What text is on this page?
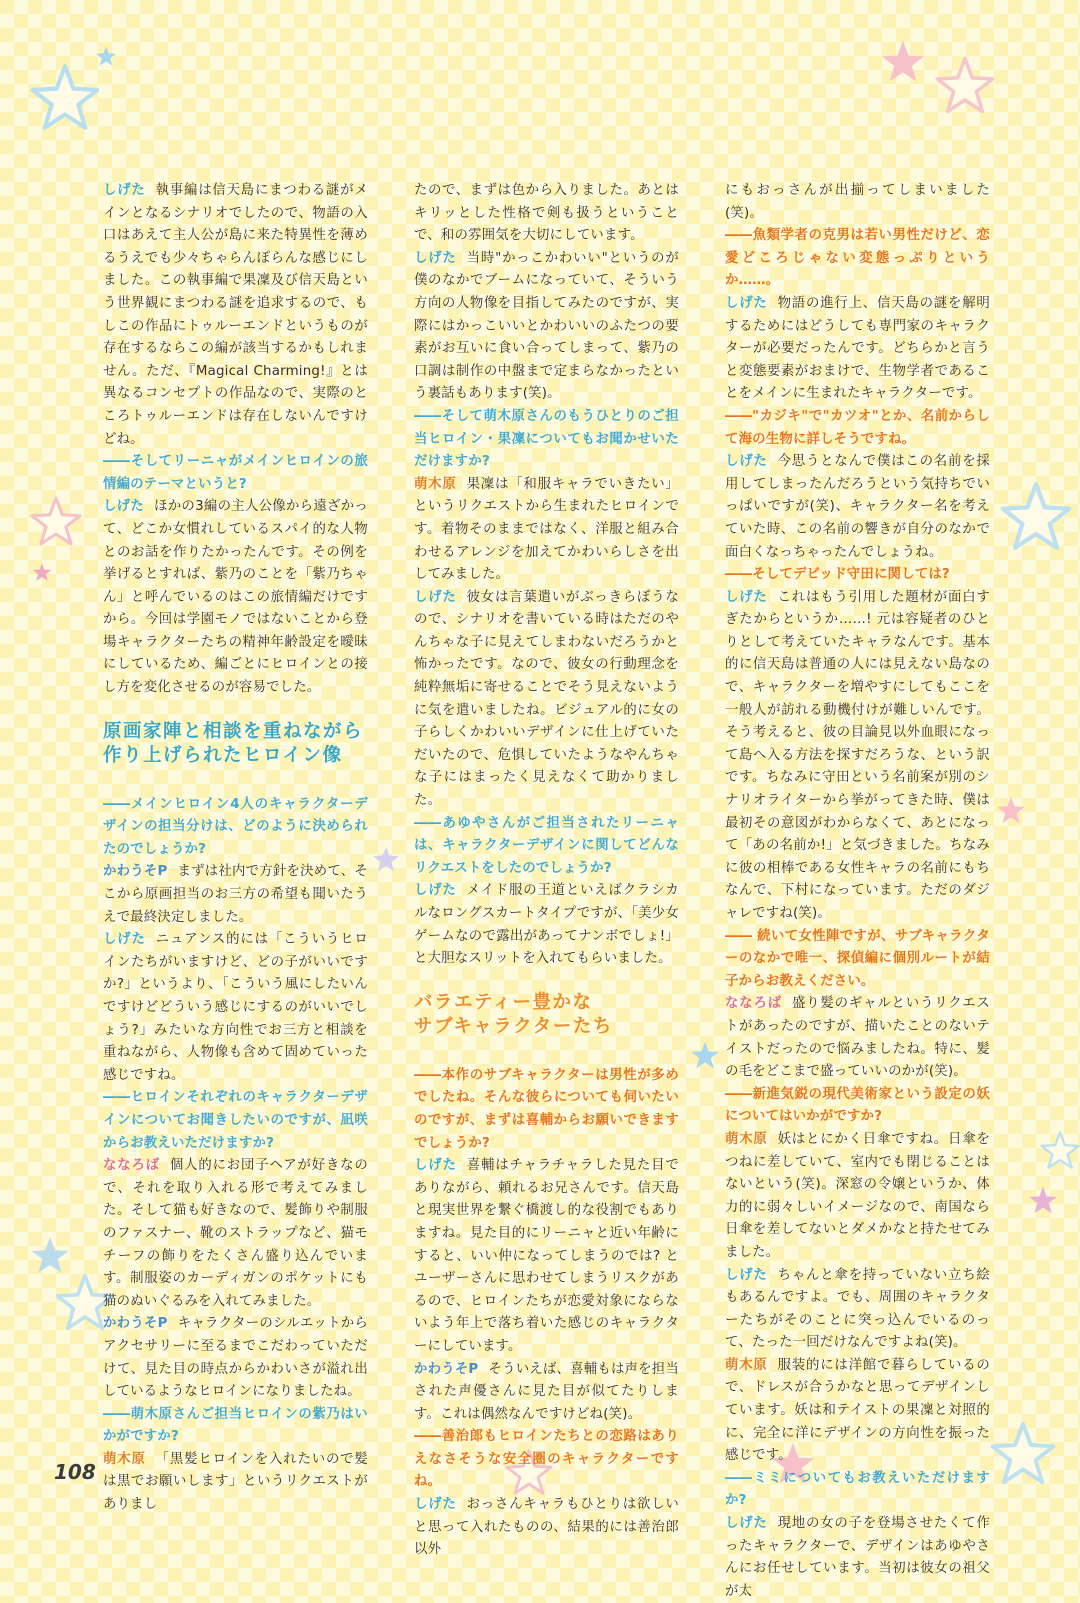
しげた 執事編は信天島にまつわる謎がメインとなるシナリオでしたので、物語の入口はあえて主人公が島に来た特異性を薄めるうえでも少々ちゃらんぽらんな感じにしました。この執事編で果凜及び信天島という世界観にまつわる謎を追求するので、もしこの作品にトゥルーエンドというものが存在するならこの編が該当するかもしれません。ただ、『Magical Charming!』とは異なるコンセプトの作品なので、実際のところトゥルーエンドは存在しないんですけどね。

――そしてリーニャがメインヒロインの旅情編のテーマというと?

しげた ほかの3編の主人公像から遠ざかって、どこか女慣れしているスパイ的な人物とのお話を作りたかったんです。その例を挙げるとすれば、紫乃のことを「紫乃ちゃん」と呼んでいるのはこの旅情編だけですから。今回は学園モノではないことから登場キャラクターたちの精神年齢設定を曖昧にしているため、編ごとにヒロインとの接し方を変化させるのが容易でした。

原画家陣と相談を重ねながら
作り上げられたヒロイン像

――メインヒロイン4人のキャラクターデザインの担当分けは、どのように決められたのでしょうか?

かわうそP まずは社内で方針を決めて、そこから原画担当のお三方の希望も聞いたうえで最終決定しました。

しげた ニュアンス的には「こういうヒロインたちがいますけど、どの子がいいですか?」というより、「こういう風にしたいんですけどどういう感じにするのがいいでしょう?」みたいな方向性でお三方と相談を重ねながら、人物像も含めて固めていった感じですね。

――ヒロインそれぞれのキャラクターデザインについてお聞きしたいのですが、凪咲からお教えいただけますか?

ななろば 個人的にお団子ヘアが好きなので、それを取り入れる形で考えてみました。そして猫も好きなので、髪飾りや制服のファスナー、靴のストラップなど、猫モチーフの飾りをたくさん盛り込んでいます。制服姿のカーディガンのポケットにも猫のぬいぐるみを入れてみました。

かわうそP キャラクターのシルエットからアクセサリーに至るまでこだわっていただけて、見た目の時点からかわいさが溢れ出しているようなヒロインになりましたね。

――萌木原さんご担当ヒロインの紫乃はいかがですか?

萌木原 「黒髪ヒロインを入れたいので髪は黒でお願いします」というリクエストがありまし

たので、まずは色から入りました。あとはキリッとした性格で剣も扱うということで、和の雰囲気を大切にしています。

しげた 当時"かっこかわいい"というのが僕のなかでブームになっていて、そういう方向の人物像を目指してみたのですが、実際にはかっこいいとかわいいのふたつの要素がお互いに食い合ってしまって、紫乃の口調は制作の中盤まで定まらなかったという裏話もあります(笑)。

――そして萌木原さんのもうひとりのご担当ヒロイン・果凜についてもお聞かせいただけますか?

萌木原 果凜は「和服キャラでいきたい」というリクエストから生まれたヒロインです。着物そのままではなく、洋服と組み合わせるアレンジを加えてかわいらしさを出してみました。

しげた 彼女は言葉遣いがぶっきらぼうなので、シナリオを書いている時はただのやんちゃな子に見えてしまわないだろうかと怖かったです。なので、彼女の行動理念を純粋無垢に寄せることでそう見えないように気を遣いましたね。ビジュアル的に女の子らしくかわいいデザインに仕上げていただいたので、危惧していたようなやんちゃな子にはまったく見えなくて助かりました。

――あゆやさんがご担当されたリーニャは、キャラクターデザインに関してどんなリクエストをしたのでしょうか?

しげた メイド服の王道といえばクラシカルなロングスカートタイプですが、「美少女ゲームなので露出があってナンボでしょ!」と大胆なスリットを入れてもらいました。

バラエティー豊かな
サブキャラクターたち

――本作のサブキャラクターは男性が多めでしたね。そんな彼らについても伺いたいのですが、まずは喜輔からお願いできますでしょうか?

しげた 喜輔はチャラチャラした見た目でありながら、頼れるお兄さんです。信天島と現実世界を繋ぐ橋渡し的な役割でもありますね。見た目的にリーニャと近い年齢にすると、いい仲になってしまうのでは? とユーザーさんに思わせてしまうリスクがあるので、ヒロインたちが恋愛対象にならないよう年上で落ち着いた感じのキャラクターにしています。

かわうそP そういえば、喜輔もは声を担当された声優さんに見た目が似てたりします。これは偶然なんですけどね(笑)。

――善治郎もヒロインたちとの恋路はありえなさそうな安全圏のキャラクターですね。

しげた おっさんキャラもひとりは欲しいと思って入れたものの、結果的には善治郎以外

にもおっさんが出揃ってしまいました(笑)。

――魚類学者の克男は若い男性だけど、恋愛どころじゃない変態っぷりというか……。

しげた 物語の進行上、信天島の謎を解明するためにはどうしても専門家のキャラクターが必要だったんです。どちらかと言うと変態要素がおまけで、生物学者であることをメインに生まれたキャラクターです。

――"カジキ"で"カツオ"とか、名前からして海の生物に詳しそうですね。

しげた 今思うとなんで僕はこの名前を採用してしまったんだろうという気持ちでいっぱいですが(笑)、キャラクター名を考えていた時、この名前の響きが自分のなかで面白くなっちゃったんでしょうね。

――そしてデビッド守田に関しては?

しげた これはもう引用した題材が面白すぎたからというか……! 元は容疑者のひとりとして考えていたキャラなんです。基本的に信天島は普通の人には見えない島なので、キャラクターを増やすにしてもここを一般人が訪れる動機付けが難しいんです。そう考えると、彼の目論見以外血眼になって島へ入る方法を探すだろうな、という訳です。ちなみに守田という名前案が別のシナリオライターから挙がってきた時、僕は最初その意図がわからなくて、あとになって「あの名前か!」と気づきました。ちなみに彼の相棒である女性キャラの名前にもちなんで、下村になっています。ただのダジャレですね(笑)。

―― 続いて女性陣ですが、サブキャラクターのなかで唯一、探偵編に個別ルートが結子からお教えください。

ななろば 盛り髪のギャルというリクエストがあったのですが、描いたことのないテイストだったので悩みましたね。特に、髪の毛をどこまで盛っていいのかが(笑)。

――新進気鋭の現代美術家という設定の妖についてはいかがですか?

萌木原 妖はとにかく日傘ですね。日傘をつねに差していて、室内でも閉じることはないという(笑)。深窓の令嬢というか、体力的に弱々しいイメージなので、南国なら日傘を差してないとダメかなと持たせてみました。

しげた ちゃんと傘を持っていない立ち絵もあるんですよ。でも、周囲のキャラクターたちがそのことに突っ込んでいるのって、たった一回だけなんですよね(笑)。

萌木原 服装的には洋館で暮らしているので、ドレスが合うかなと思ってデザインしています。妖は和テイストの果凜と対照的に、完全に洋にデザインの方向性を振った感じです。

――ミミについてもお教えいただけますか?

しげた 現地の女の子を登場させたくて作ったキャラクターで、デザインはあゆやさんにお任せしています。当初は彼女の祖父が太

108
